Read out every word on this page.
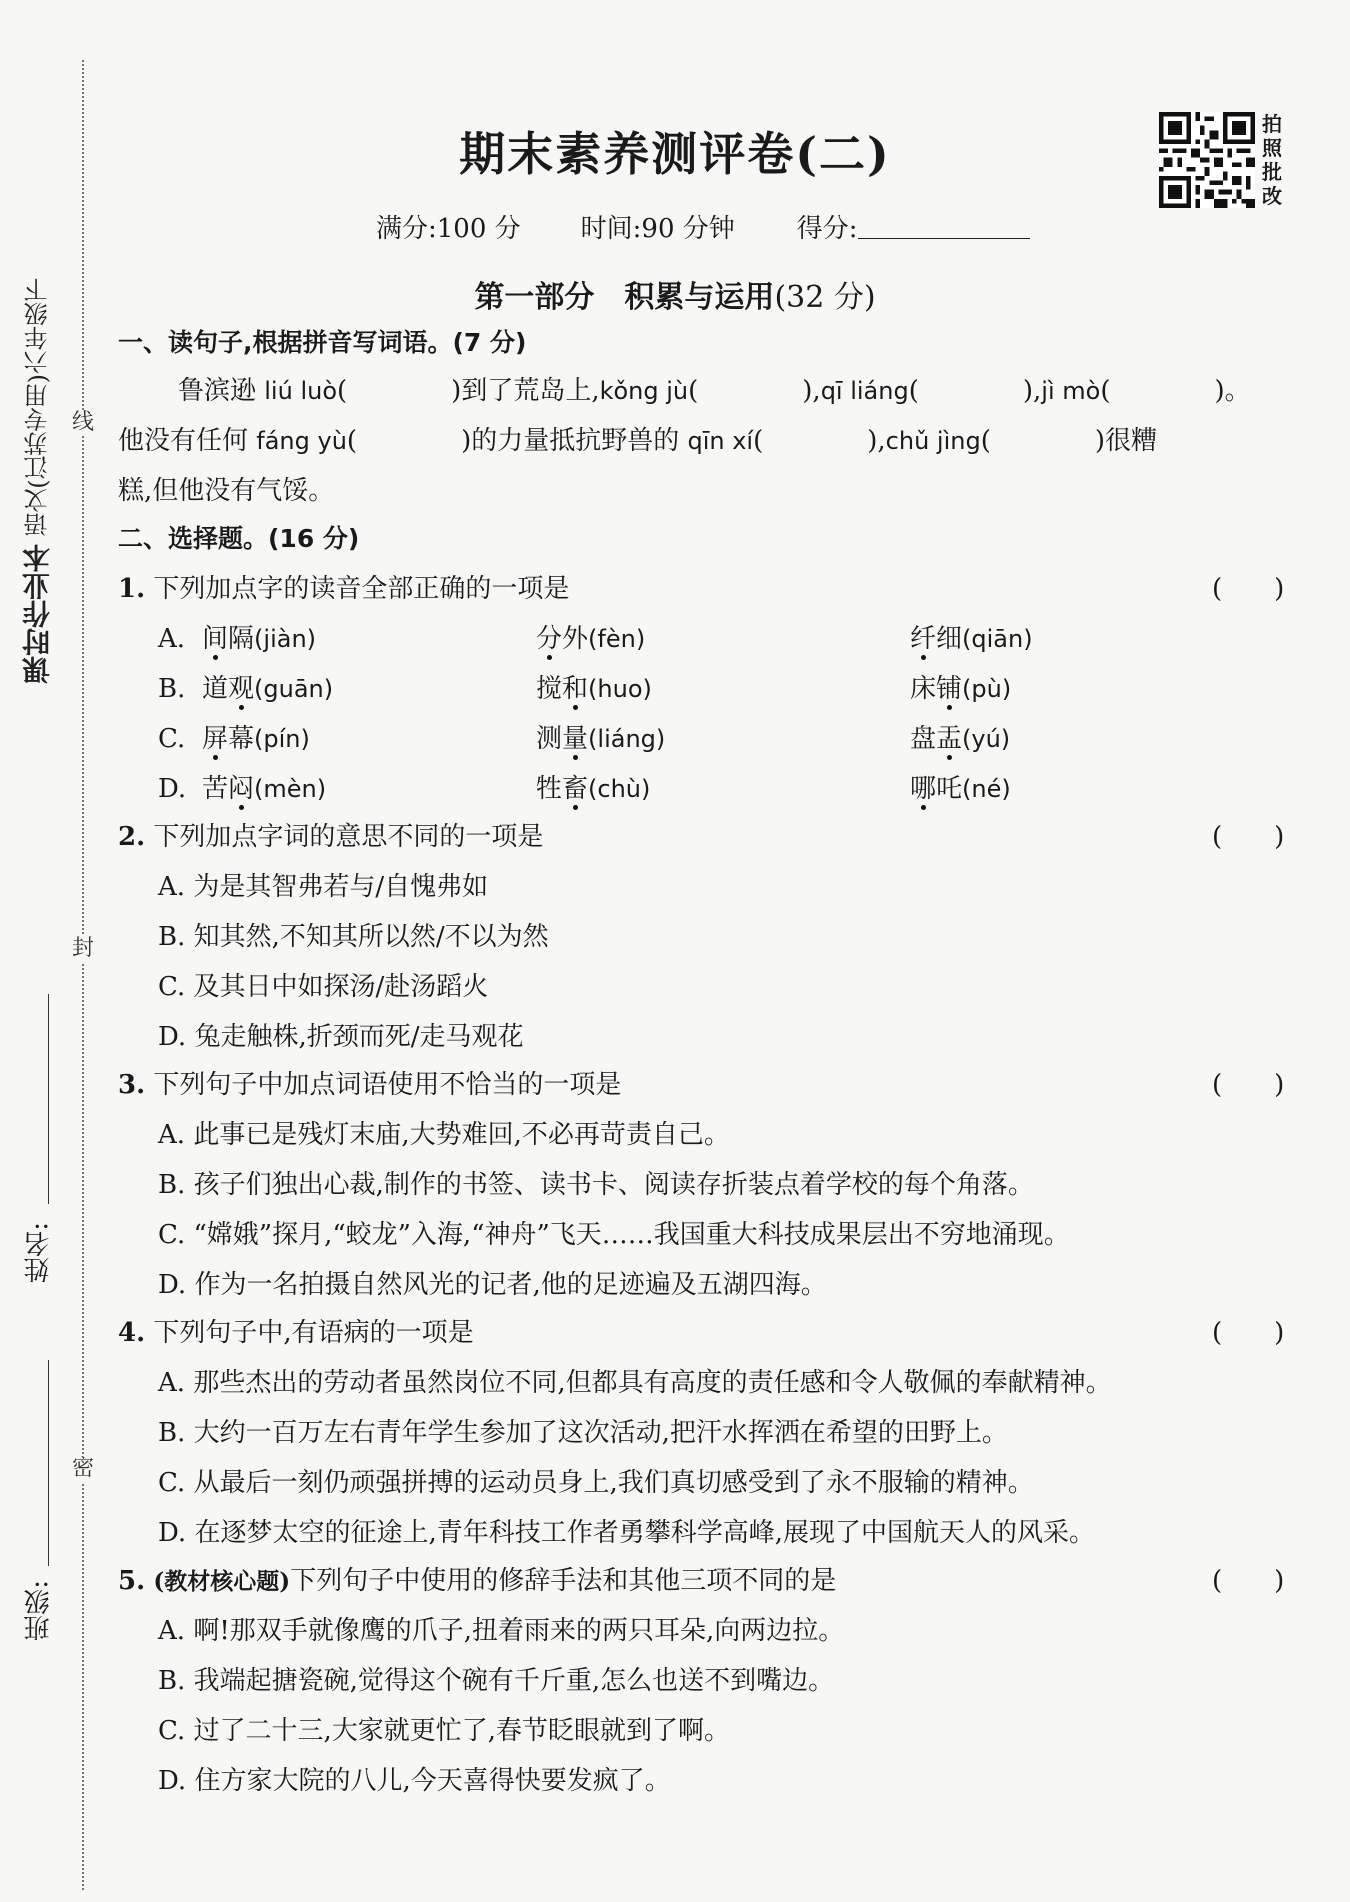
课时作业本 语文(江苏专用)六年级下 线
封
密
姓名:
班级:
期末素养测评卷(二)
满分:100 分 时间:90 分钟 得分:
拍照批改
第一部分　积累与运用(32 分)
一、读句子,根据拼音写词语。(7 分)
鲁滨逊 liú luò(　　　　)到了荒岛上,kǒng jù(　　　　),qī liáng(　　　　),jì mò(　　　　)。
他没有任何 fáng yù(　　　　)的力量抵抗野兽的 qīn xí(　　　　),chǔ jìng(　　　　)很糟
糕,但他没有气馁。
二、选择题。(16 分)
1. 下列加点字的读音全部正确的一项是	(　　)
A. 间隔(jiàn)	分外(fèn)	纤细(qiān)
B. 道观(guān)	搅和(huo)	床铺(pù)
C. 屏幕(pín)	测量(liáng)	盘盂(yú)
D. 苦闷(mèn)	牲畜(chù)	哪吒(né)
2. 下列加点字词的意思不同的一项是	(　　)
A. 为是其智弗若与/自愧弗如
B. 知其然,不知其所以然/不以为然
C. 及其日中如探汤/赴汤蹈火
D. 兔走触株,折颈而死/走马观花
3. 下列句子中加点词语使用不恰当的一项是	(　　)
A. 此事已是残灯末庙,大势难回,不必再苛责自己。
B. 孩子们独出心裁,制作的书签、读书卡、阅读存折装点着学校的每个角落。
C. “嫦娥”探月,“蛟龙”入海,“神舟”飞天……我国重大科技成果层出不穷地涌现。
D. 作为一名拍摄自然风光的记者,他的足迹遍及五湖四海。
4. 下列句子中,有语病的一项是	(　　)
A. 那些杰出的劳动者虽然岗位不同,但都具有高度的责任感和令人敬佩的奉献精神。
B. 大约一百万左右青年学生参加了这次活动,把汗水挥洒在希望的田野上。
C. 从最后一刻仍顽强拼搏的运动员身上,我们真切感受到了永不服输的精神。
D. 在逐梦太空的征途上,青年科技工作者勇攀科学高峰,展现了中国航天人的风采。
5. (教材核心题)下列句子中使用的修辞手法和其他三项不同的是	(　　)
A. 啊!那双手就像鹰的爪子,扭着雨来的两只耳朵,向两边拉。
B. 我端起搪瓷碗,觉得这个碗有千斤重,怎么也送不到嘴边。
C. 过了二十三,大家就更忙了,春节眨眼就到了啊。
D. 住方家大院的八儿,今天喜得快要发疯了。
